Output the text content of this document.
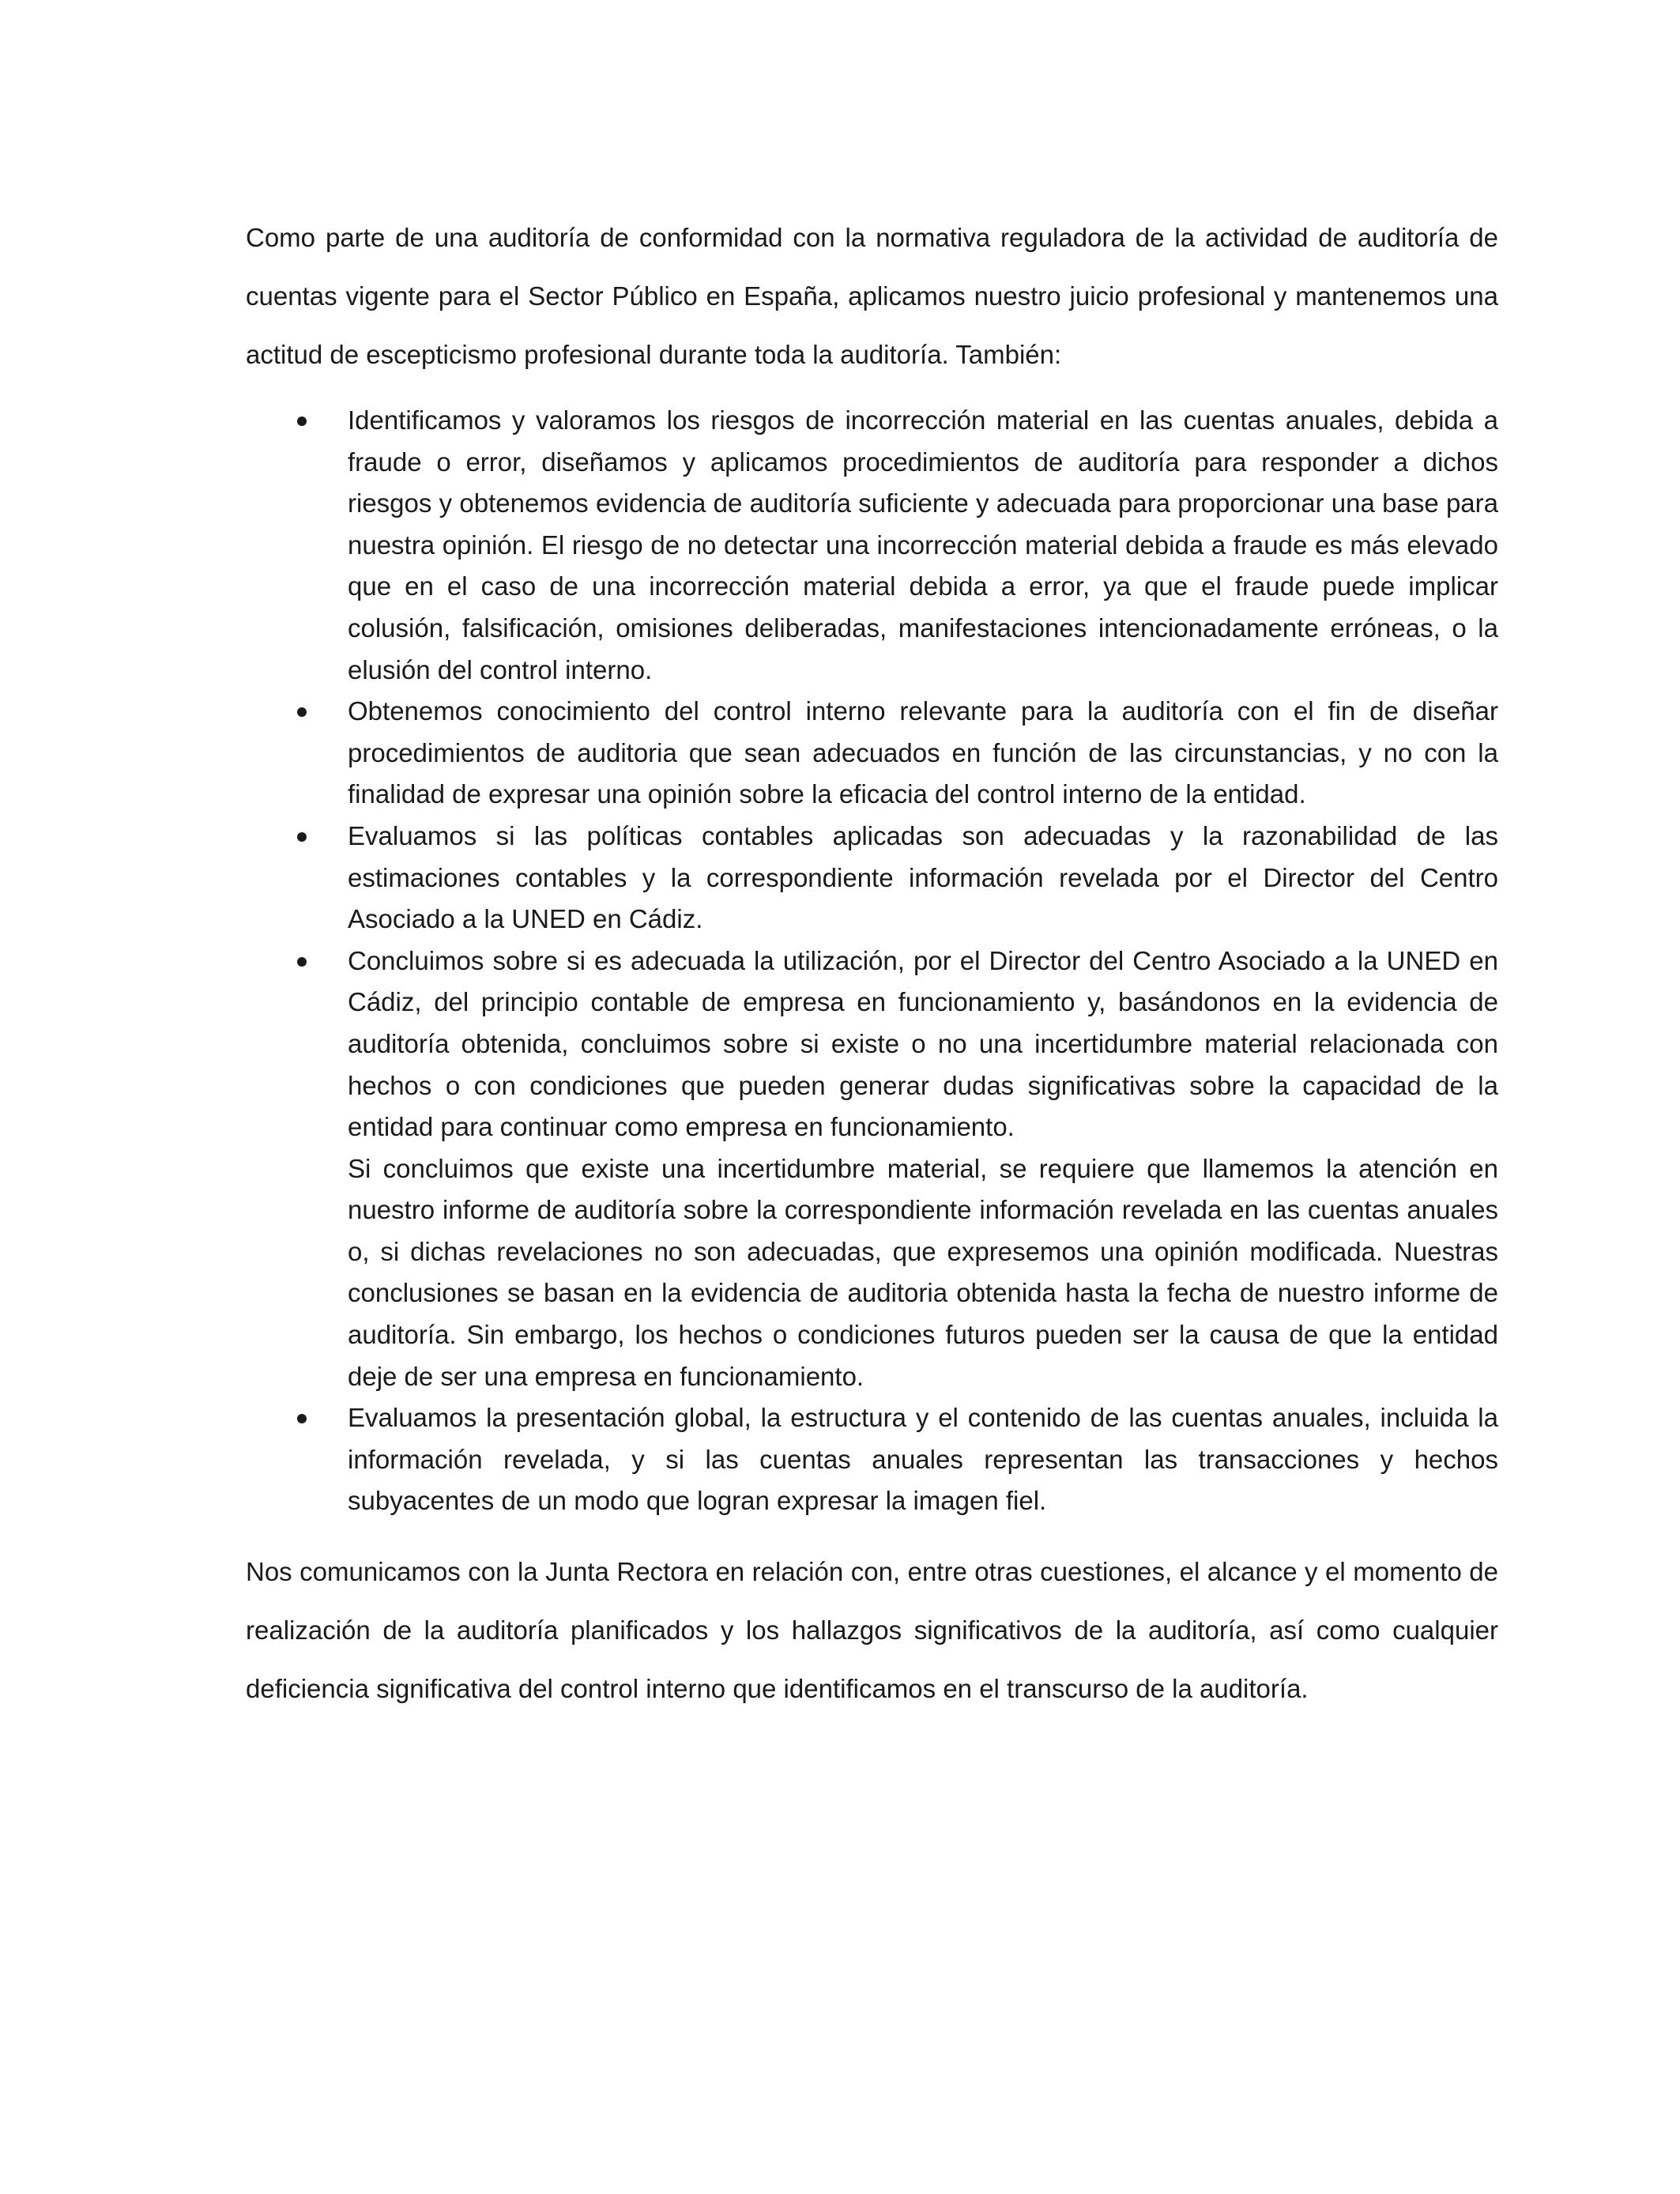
Como parte de una auditoría de conformidad con la normativa reguladora de la actividad de auditoría de cuentas vigente para el Sector Público en España, aplicamos nuestro juicio profesional y mantenemos una actitud de escepticismo profesional durante toda la auditoría. También:

Identificamos y valoramos los riesgos de incorrección material en las cuentas anuales, debida a fraude o error, diseñamos y aplicamos procedimientos de auditoría para responder a dichos riesgos y obtenemos evidencia de auditoría suficiente y adecuada para proporcionar una base para nuestra opinión. El riesgo de no detectar una incorrección material debida a fraude es más elevado que en el caso de una incorrección material debida a error, ya que el fraude puede implicar colusión, falsificación, omisiones deliberadas, manifestaciones intencionadamente erróneas, o la elusión del control interno.
Obtenemos conocimiento del control interno relevante para la auditoría con el fin de diseñar procedimientos de auditoria que sean adecuados en función de las circunstancias, y no con la finalidad de expresar una opinión sobre la eficacia del control interno de la entidad.
Evaluamos si las políticas contables aplicadas son adecuadas y la razonabilidad de las estimaciones contables y la correspondiente información revelada por el Director del Centro Asociado a la UNED en Cádiz.
Concluimos sobre si es adecuada la utilización, por el Director del Centro Asociado a la UNED en Cádiz, del principio contable de empresa en funcionamiento y, basándonos en la evidencia de auditoría obtenida, concluimos sobre si existe o no una incertidumbre material relacionada con hechos o con condiciones que pueden generar dudas significativas sobre la capacidad de la entidad para continuar como empresa en funcionamiento.
Si concluimos que existe una incertidumbre material, se requiere que llamemos la atención en nuestro informe de auditoría sobre la correspondiente información revelada en las cuentas anuales o, si dichas revelaciones no son adecuadas, que expresemos una opinión modificada. Nuestras conclusiones se basan en la evidencia de auditoria obtenida hasta la fecha de nuestro informe de auditoría. Sin embargo, los hechos o condiciones futuros pueden ser la causa de que la entidad deje de ser una empresa en funcionamiento.
Evaluamos la presentación global, la estructura y el contenido de las cuentas anuales, incluida la información revelada, y si las cuentas anuales representan las transacciones y hechos subyacentes de un modo que logran expresar la imagen fiel.

Nos comunicamos con la Junta Rectora en relación con, entre otras cuestiones, el alcance y el momento de realización de la auditoría planificados y los hallazgos significativos de la auditoría, así como cualquier deficiencia significativa del control interno que identificamos en el transcurso de la auditoría.
